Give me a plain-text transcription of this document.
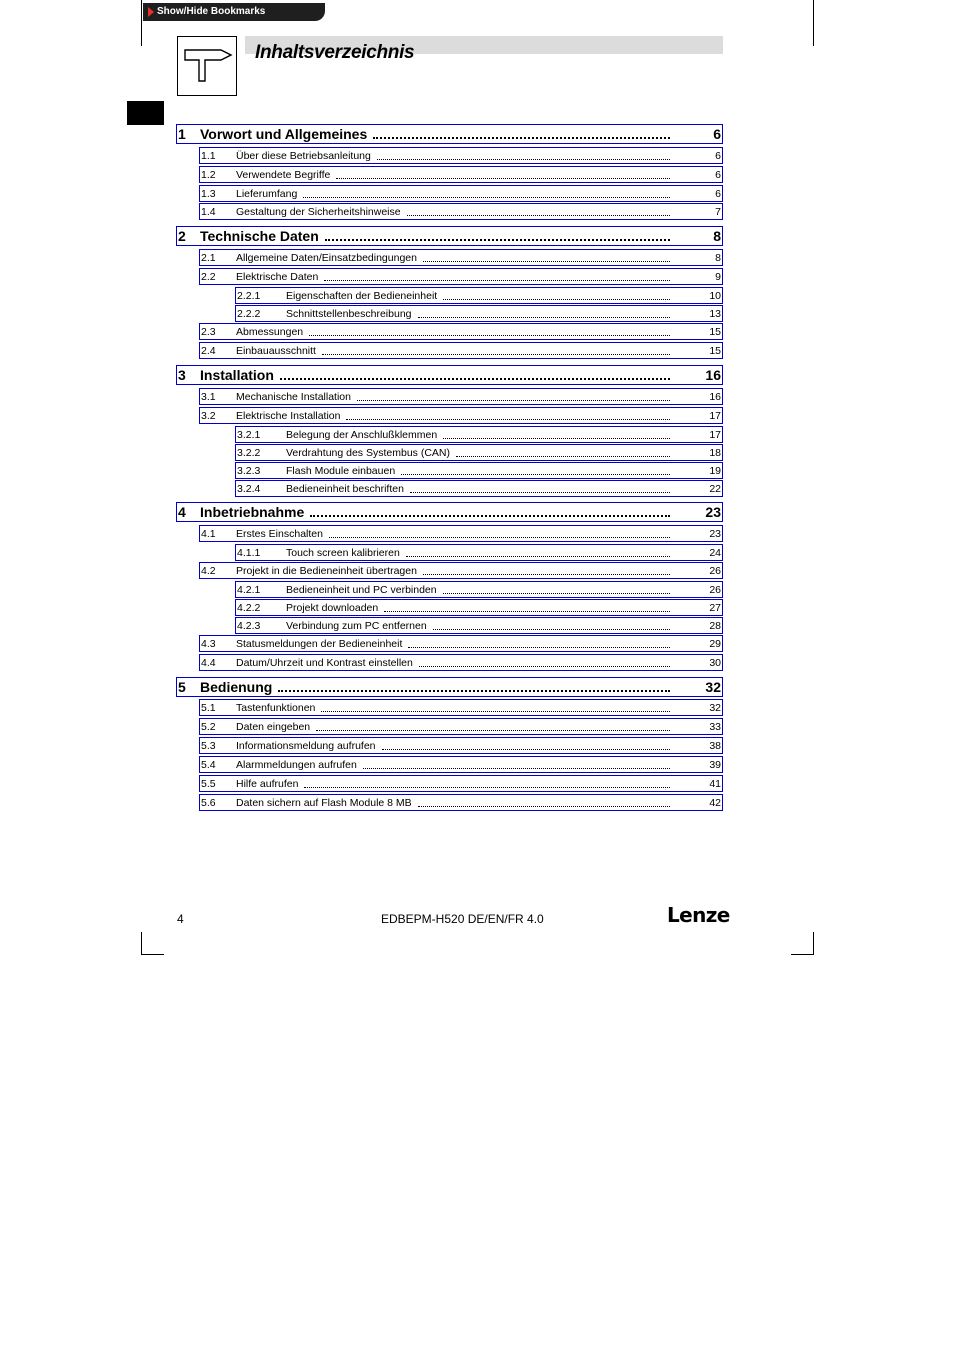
Show/Hide Bookmarks
Inhaltsverzeichnis
1 Vorwort und Allgemeines	6
1.1 Über diese Betriebsanleitung	6
1.2 Verwendete Begriffe	6
1.3 Lieferumfang	6
1.4 Gestaltung der Sicherheitshinweise	7
2 Technische Daten	8
2.1 Allgemeine Daten/Einsatzbedingungen	8
2.2 Elektrische Daten	9
2.2.1 Eigenschaften der Bedieneinheit	10
2.2.2 Schnittstellenbeschreibung	13
2.3 Abmessungen	15
2.4 Einbauausschnitt	15
3 Installation	16
3.1 Mechanische Installation	16
3.2 Elektrische Installation	17
3.2.1 Belegung der Anschlußklemmen	17
3.2.2 Verdrahtung des Systembus (CAN)	18
3.2.3 Flash Module einbauen	19
3.2.4 Bedieneinheit beschriften	22
4 Inbetriebnahme	23
4.1 Erstes Einschalten	23
4.1.1 Touch screen kalibrieren	24
4.2 Projekt in die Bedieneinheit übertragen	26
4.2.1 Bedieneinheit und PC verbinden	26
4.2.2 Projekt downloaden	27
4.2.3 Verbindung zum PC entfernen	28
4.3 Statusmeldungen der Bedieneinheit	29
4.4 Datum/Uhrzeit und Kontrast einstellen	30
5 Bedienung	32
5.1 Tastenfunktionen	32
5.2 Daten eingeben	33
5.3 Informationsmeldung aufrufen	38
5.4 Alarmmeldungen aufrufen	39
5.5 Hilfe aufrufen	41
5.6 Daten sichern auf Flash Module 8 MB	42
4	EDBEPM-H520 DE/EN/FR 4.0	Lenze
